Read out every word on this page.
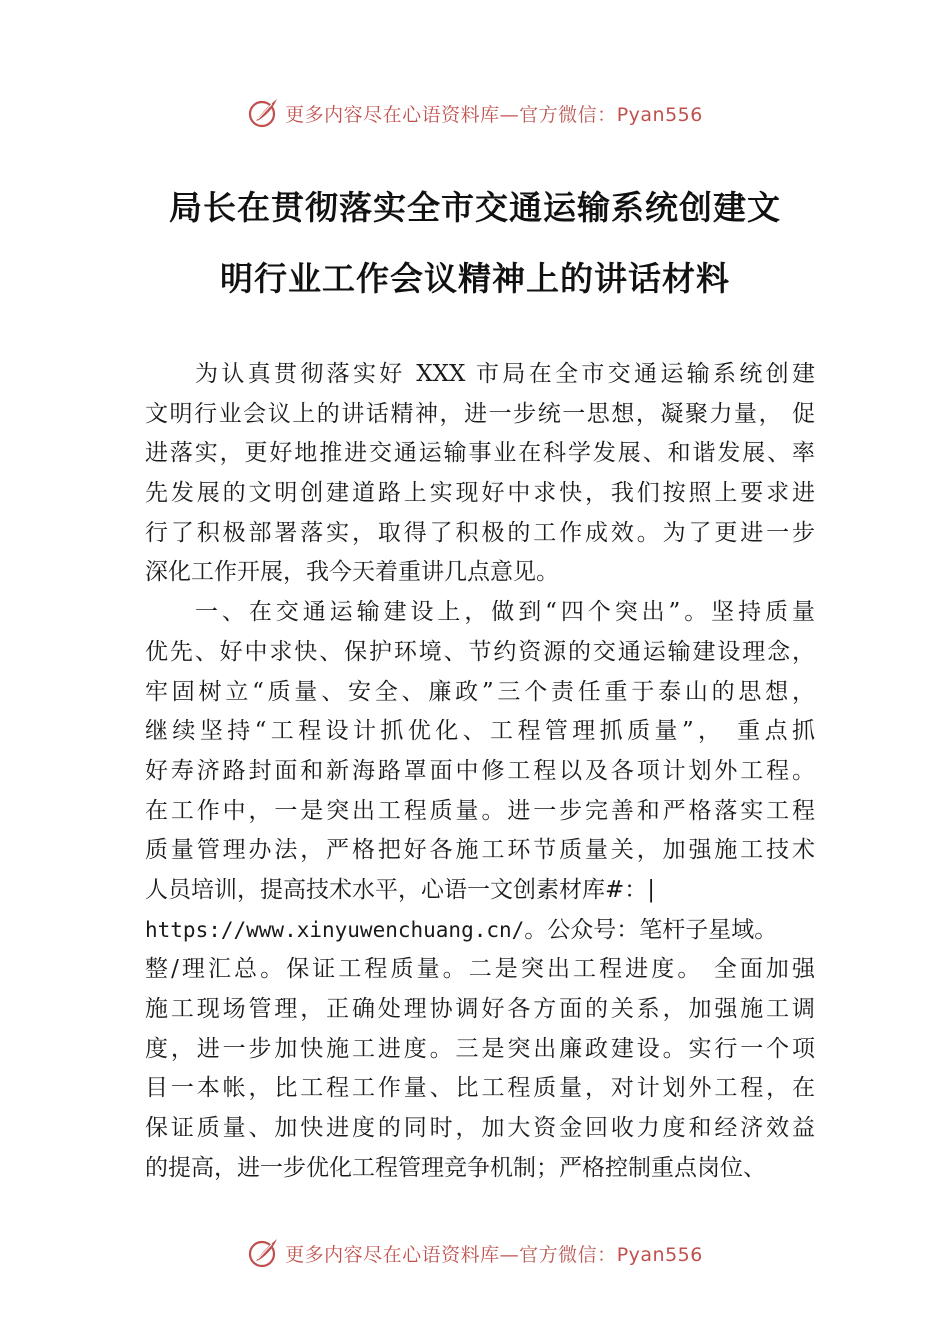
更多内容尽在心语资料库—官方微信：Pyan556
局长在贯彻落实全市交通运输系统创建文
明行业工作会议精神上的讲话材料
为认真贯彻落实好 XXX 市局在全市交通运输系统创建
文明行业会议上的讲话精神，进一步统一思想，凝聚力量， 促
进落实，更好地推进交通运输事业在科学发展、和谐发展、率
先发展的文明创建道路上实现好中求快，我们按照上要求进
行了积极部署落实，取得了积极的工作成效。为了更进一步
深化工作开展，我今天着重讲几点意见。
一、在交通运输建设上，做到“四个突出”。坚持质量
优先、好中求快、保护环境、节约资源的交通运输建设理念，
牢固树立“质量、安全、廉政”三个责任重于泰山的思想，
继续坚持“工程设计抓优化、工程管理抓质量”， 重点抓
好寿济路封面和新海路罩面中修工程以及各项计划外工程。
在工作中，一是突出工程质量。进一步完善和严格落实工程
质量管理办法，严格把好各施工环节质量关，加强施工技术
人员培训，提高技术水平，心语一文创素材库#：|
https://www.xinyuwenchuang.cn/。公众号：笔杆子星域。
整/理汇总。保证工程质量。二是突出工程进度。 全面加强
施工现场管理，正确处理协调好各方面的关系，加强施工调
度，进一步加快施工进度。三是突出廉政建设。实行一个项
目一本帐，比工程工作量、比工程质量，对计划外工程，在
保证质量、加快进度的同时，加大资金回收力度和经济效益
的提高，进一步优化工程管理竞争机制；严格控制重点岗位、
更多内容尽在心语资料库—官方微信：Pyan556
